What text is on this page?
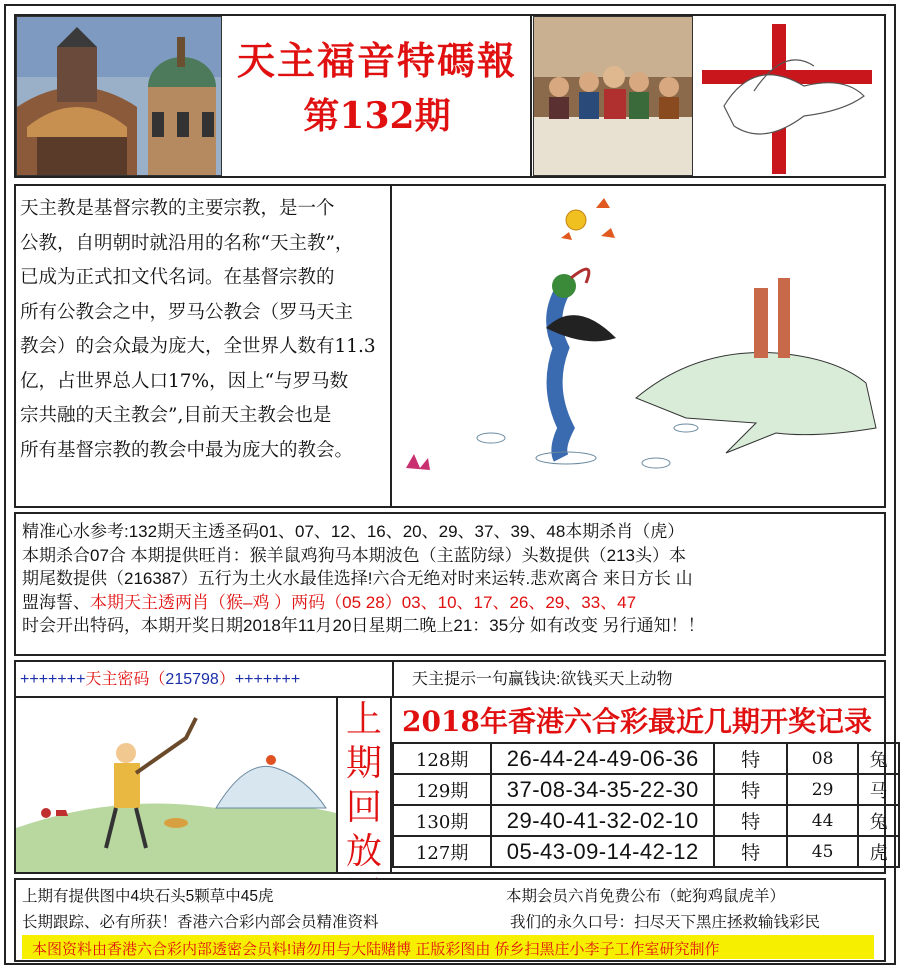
天主福音特碼報
第132期
天主教是基督宗教的主要宗教，是一个
公教，自明朝时就沿用的名称“天主教”，
已成为正式扣文代名词。在基督宗教的
所有公教会之中，罗马公教会（罗马天主
教会）的会众最为庞大，全世界人数有11.3
亿，占世界总人口17%，因上“与罗马数
宗共融的天主教会”,目前天主教会也是
所有基督宗教的教会中最为庞大的教会。
精准心水参考:132期天主透圣码01、07、12、16、20、29、37、39、48本期杀肖（虎）
本期杀合07合 本期提供旺肖：猴羊鼠鸡狗马本期波色（主蓝防绿）头数提供（213头）本
期尾数提供（216387）五行为土火水最佳选择!六合无绝对时来运转.悲欢离合 来日方长 山
盟海誓、本期天主透两肖（猴–鸡 ）两码（05 28）03、10、17、26、29、33、47
时会开出特码，本期开奖日期2018年11月20日星期二晚上21：35分 如有改变 另行通知！！
+++++++天主密码（215798）+++++++	天主提示一句赢钱诀:欲钱买天上动物
上
期
回
放
2018年香港六合彩最近几期开奖记录
128期	26-44-24-49-06-36	特	08	兔
129期	37-08-34-35-22-30	特	29	马
130期	29-40-41-32-02-10	特	44	兔
127期	05-43-09-14-42-12	特	45	虎
上期有提供图中4块石头5颗草中45虎	本期会员六肖免费公布（蛇狗鸡鼠虎羊）
长期跟踪、必有所获！香港六合彩内部会员精准资料	我们的永久口号：扫尽天下黑庄拯救输钱彩民
本图资料由香港六合彩内部透密会员料!请勿用与大陆赌博 正版彩图由 侨乡扫黑庄小李子工作室研究制作
